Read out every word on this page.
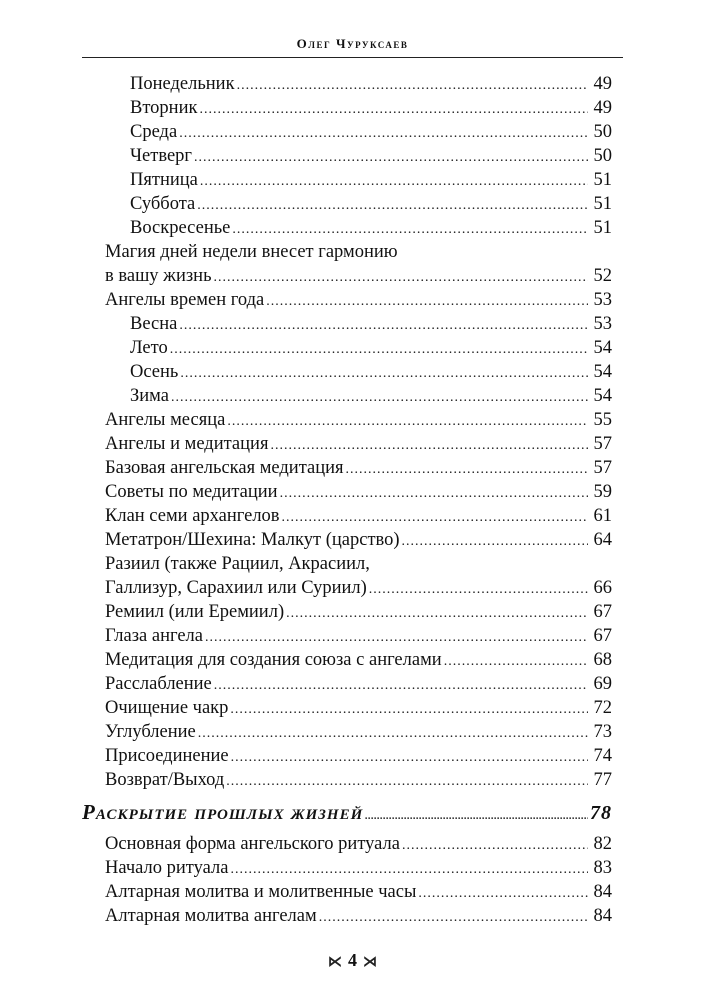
Олег Чуруксаев
Понедельник .....	49
Вторник .....	49
Среда .....	50
Четверг .....	50
Пятница .....	51
Суббота .....	51
Воскресенье .....	51
Магия дней недели внесет гармонию
в вашу жизнь .....	52
Ангелы времен года .....	53
Весна .....	53
Лето .....	54
Осень .....	54
Зима .....	54
Ангелы месяца .....	55
Ангелы и медитация .....	57
Базовая ангельская медитация .....	57
Советы по медитации .....	59
Клан семи архангелов .....	61
Метатрон/Шехина: Малкут (царство) .....	64
Разиил (также Рациил, Акрасиил,
Галлизур, Сарахиил или Суриил) .....	66
Ремиил (или Еремиил) .....	67
Глаза ангела .....	67
Медитация для создания союза с ангелами .....	68
Расслабление .....	69
Очищение чакр .....	72
Углубление .....	73
Присоединение .....	74
Возврат/Выход .....	77
Раскрытие прошлых жизней .....	78
Основная форма ангельского ритуала .....	82
Начало ритуала .....	83
Алтарная молитва и молитвенные часы .....	84
Алтарная молитва ангелам .....	84
⋉ 4 ⋊
